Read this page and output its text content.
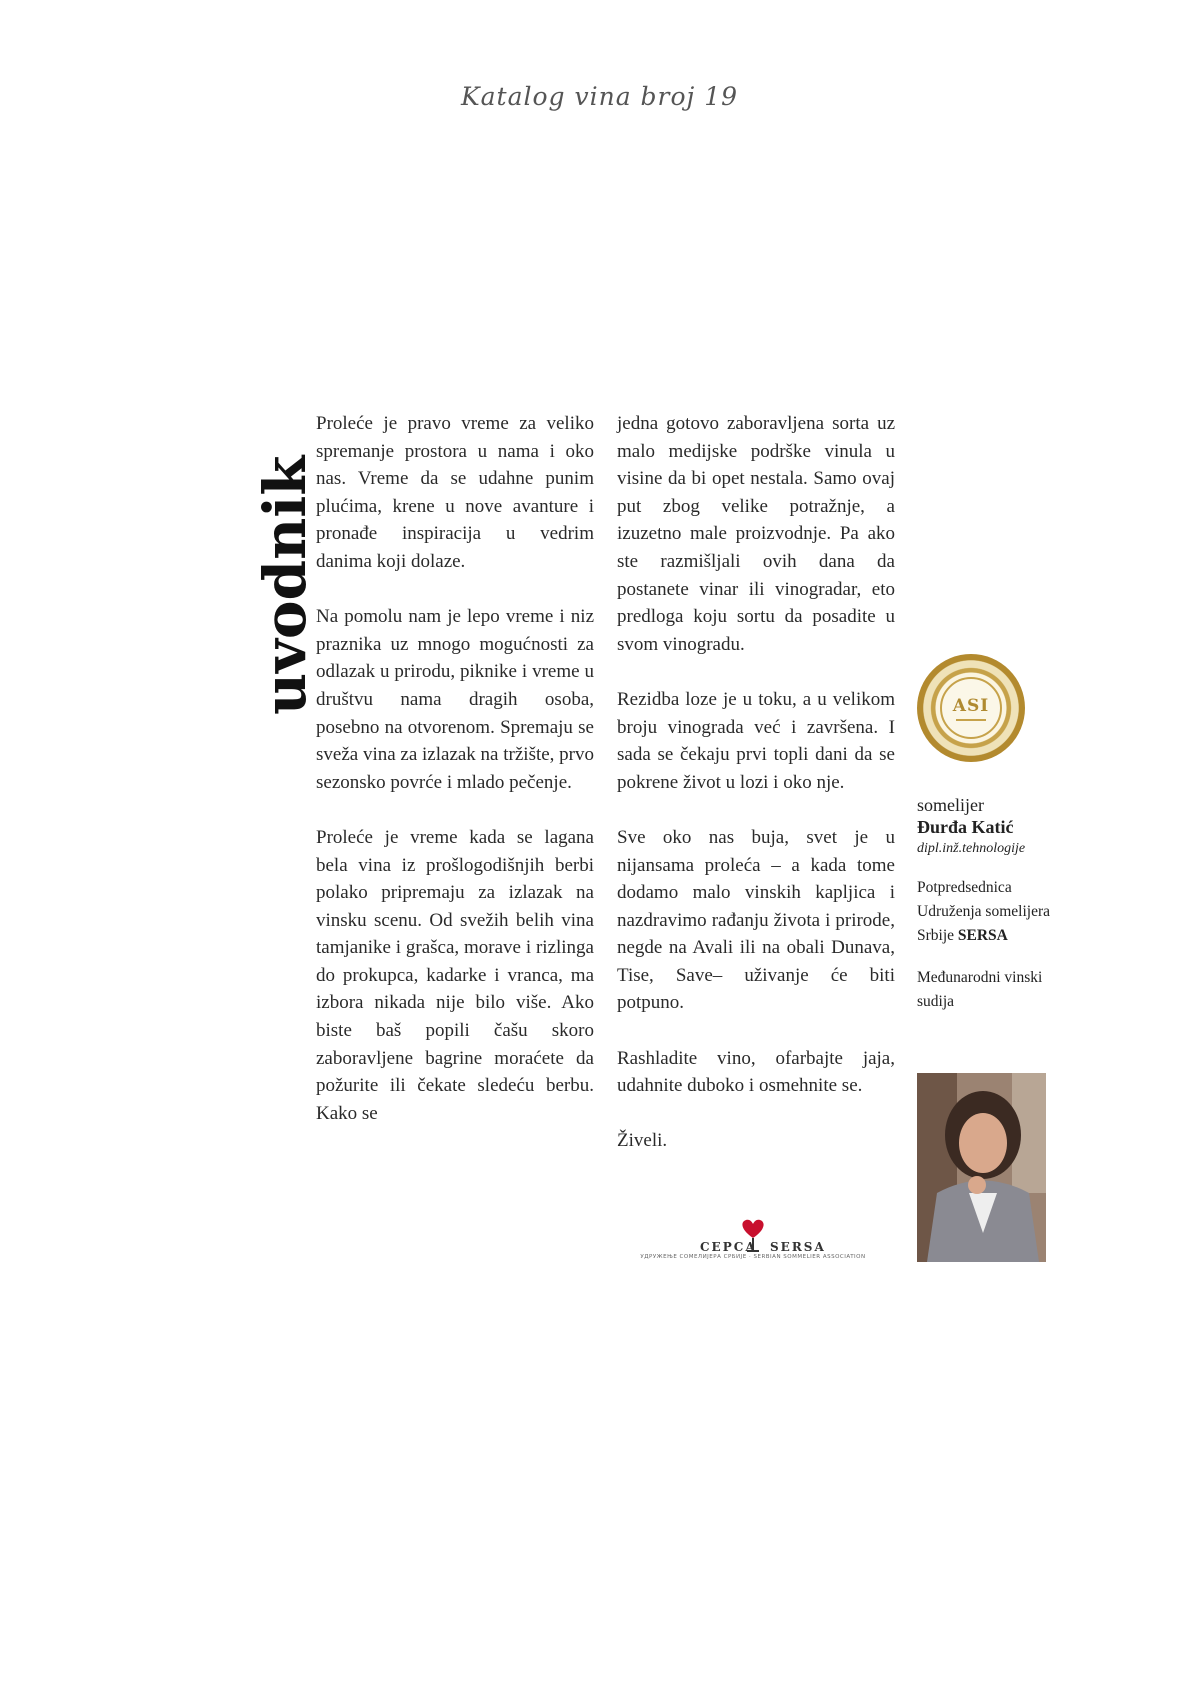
Katalog vina broj 19
uvodnik

Proleće je pravo vreme za veliko spremanje prostora u nama i oko nas. Vreme da se udahne punim plućima, krene u nove avanture i pronađe inspiracija u vedrim danima koji dolaze.

Na pomolu nam je lepo vreme i niz praznika uz mnogo mogućnosti za odlazak u prirodu, piknike i vreme u društvu nama dragih osoba, posebno na otvorenom. Spremaju se sveža vina za izlazak na tržište, prvo sezonsko povrće i mlado pečenje.

Proleće je vreme kada se lagana bela vina iz prošlogodišnjih berbi polako pripremaju za izlazak na vinsku scenu. Od svežih belih vina tamjanike i grašca, morave i rizlinga do prokupca, kadarke i vranca, ma izbora nikada nije bilo više. Ako biste baš popili čašu skoro zaboravljene bagrine moraćete da požurite ili čekate sledeću berbu. Kako se

jedna gotovo zaboravljena sorta uz malo medijske podrške vinula u visine da bi opet nestala. Samo ovaj put zbog velike potražnje, a izuzetno male proizvodnje. Pa ako ste razmišljali ovih dana da postanete vinar ili vinogradar, eto predloga koju sortu da posadite u svom vinogradu.

Rezidba loze je u toku, a u velikom broju vinograda već i završena. I sada se čekaju prvi topli dani da se pokrene život u lozi i oko nje.

Sve oko nas buja, svet je u nijansama proleća – a kada tome dodamo malo vinskih kapljica i nazdravimo rađanju života i prirode, negde na Avali ili na obali Dunava, Tise, Save– uživanje će biti potpuno.

Rashladite vino, ofarbajte jaja, udahnite duboko i osmehnite se.

Živeli.

ASI
somelijer
Đurđa Katić
dipl.inž.tehnologije
Potpredsednica Udruženja somelijera Srbije SERSA
Međunarodni vinski sudija
СЕРСА SERSA
УДРУЖЕЊЕ СОМЕЛИЈЕРА СРБИЈЕ · SERBIAN SOMMELIER ASSOCIATION
